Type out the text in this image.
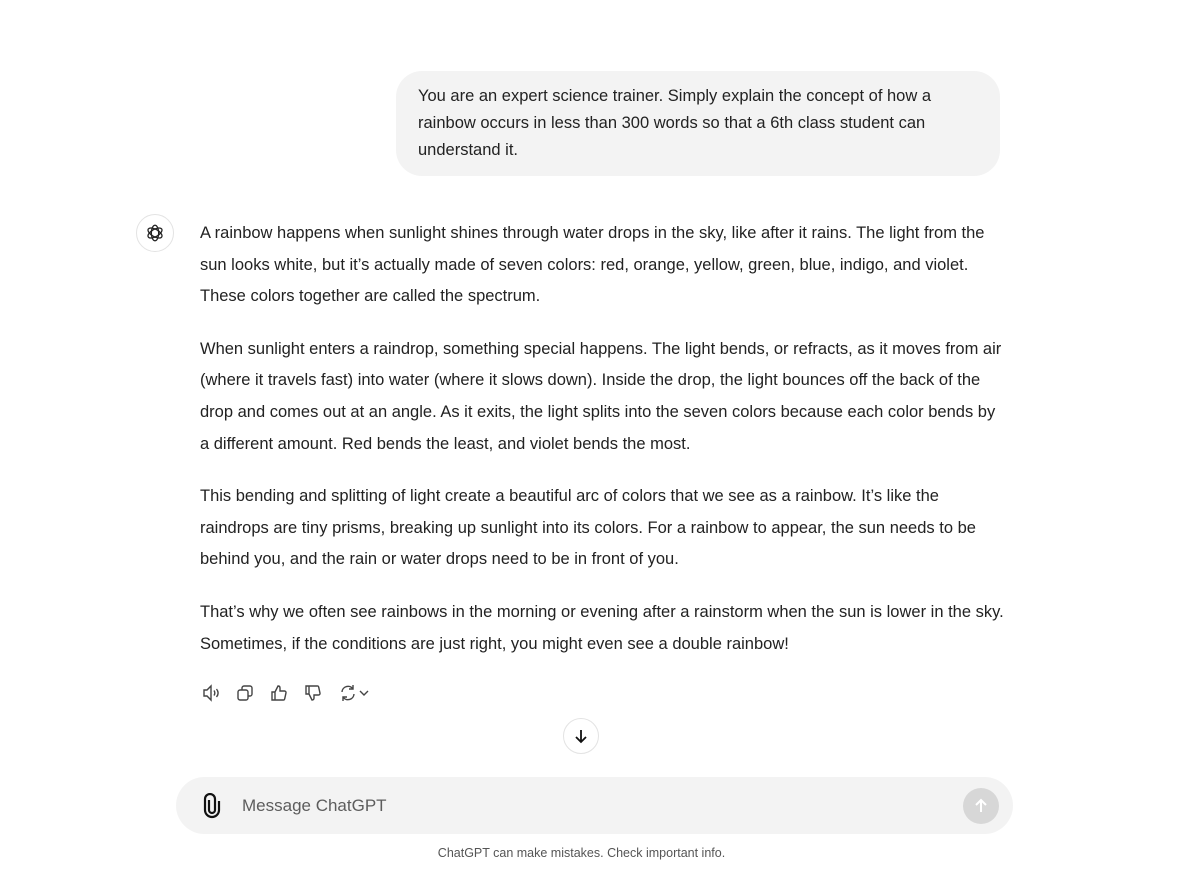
You are an expert science trainer. Simply explain the concept of how a rainbow occurs in less than 300 words so that a 6th class student can understand it.

A rainbow happens when sunlight shines through water drops in the sky, like after it rains. The light from the sun looks white, but it’s actually made of seven colors: red, orange, yellow, green, blue, indigo, and violet. These colors together are called the spectrum.

When sunlight enters a raindrop, something special happens. The light bends, or refracts, as it moves from air (where it travels fast) into water (where it slows down). Inside the drop, the light bounces off the back of the drop and comes out at an angle. As it exits, the light splits into the seven colors because each color bends by a different amount. Red bends the least, and violet bends the most.

This bending and splitting of light create a beautiful arc of colors that we see as a rainbow. It’s like the raindrops are tiny prisms, breaking up sunlight into its colors. For a rainbow to appear, the sun needs to be behind you, and the rain or water drops need to be in front of you.

That’s why we often see rainbows in the morning or evening after a rainstorm when the sun is lower in the sky. Sometimes, if the conditions are just right, you might even see a double rainbow!

Message ChatGPT
ChatGPT can make mistakes. Check important info.
